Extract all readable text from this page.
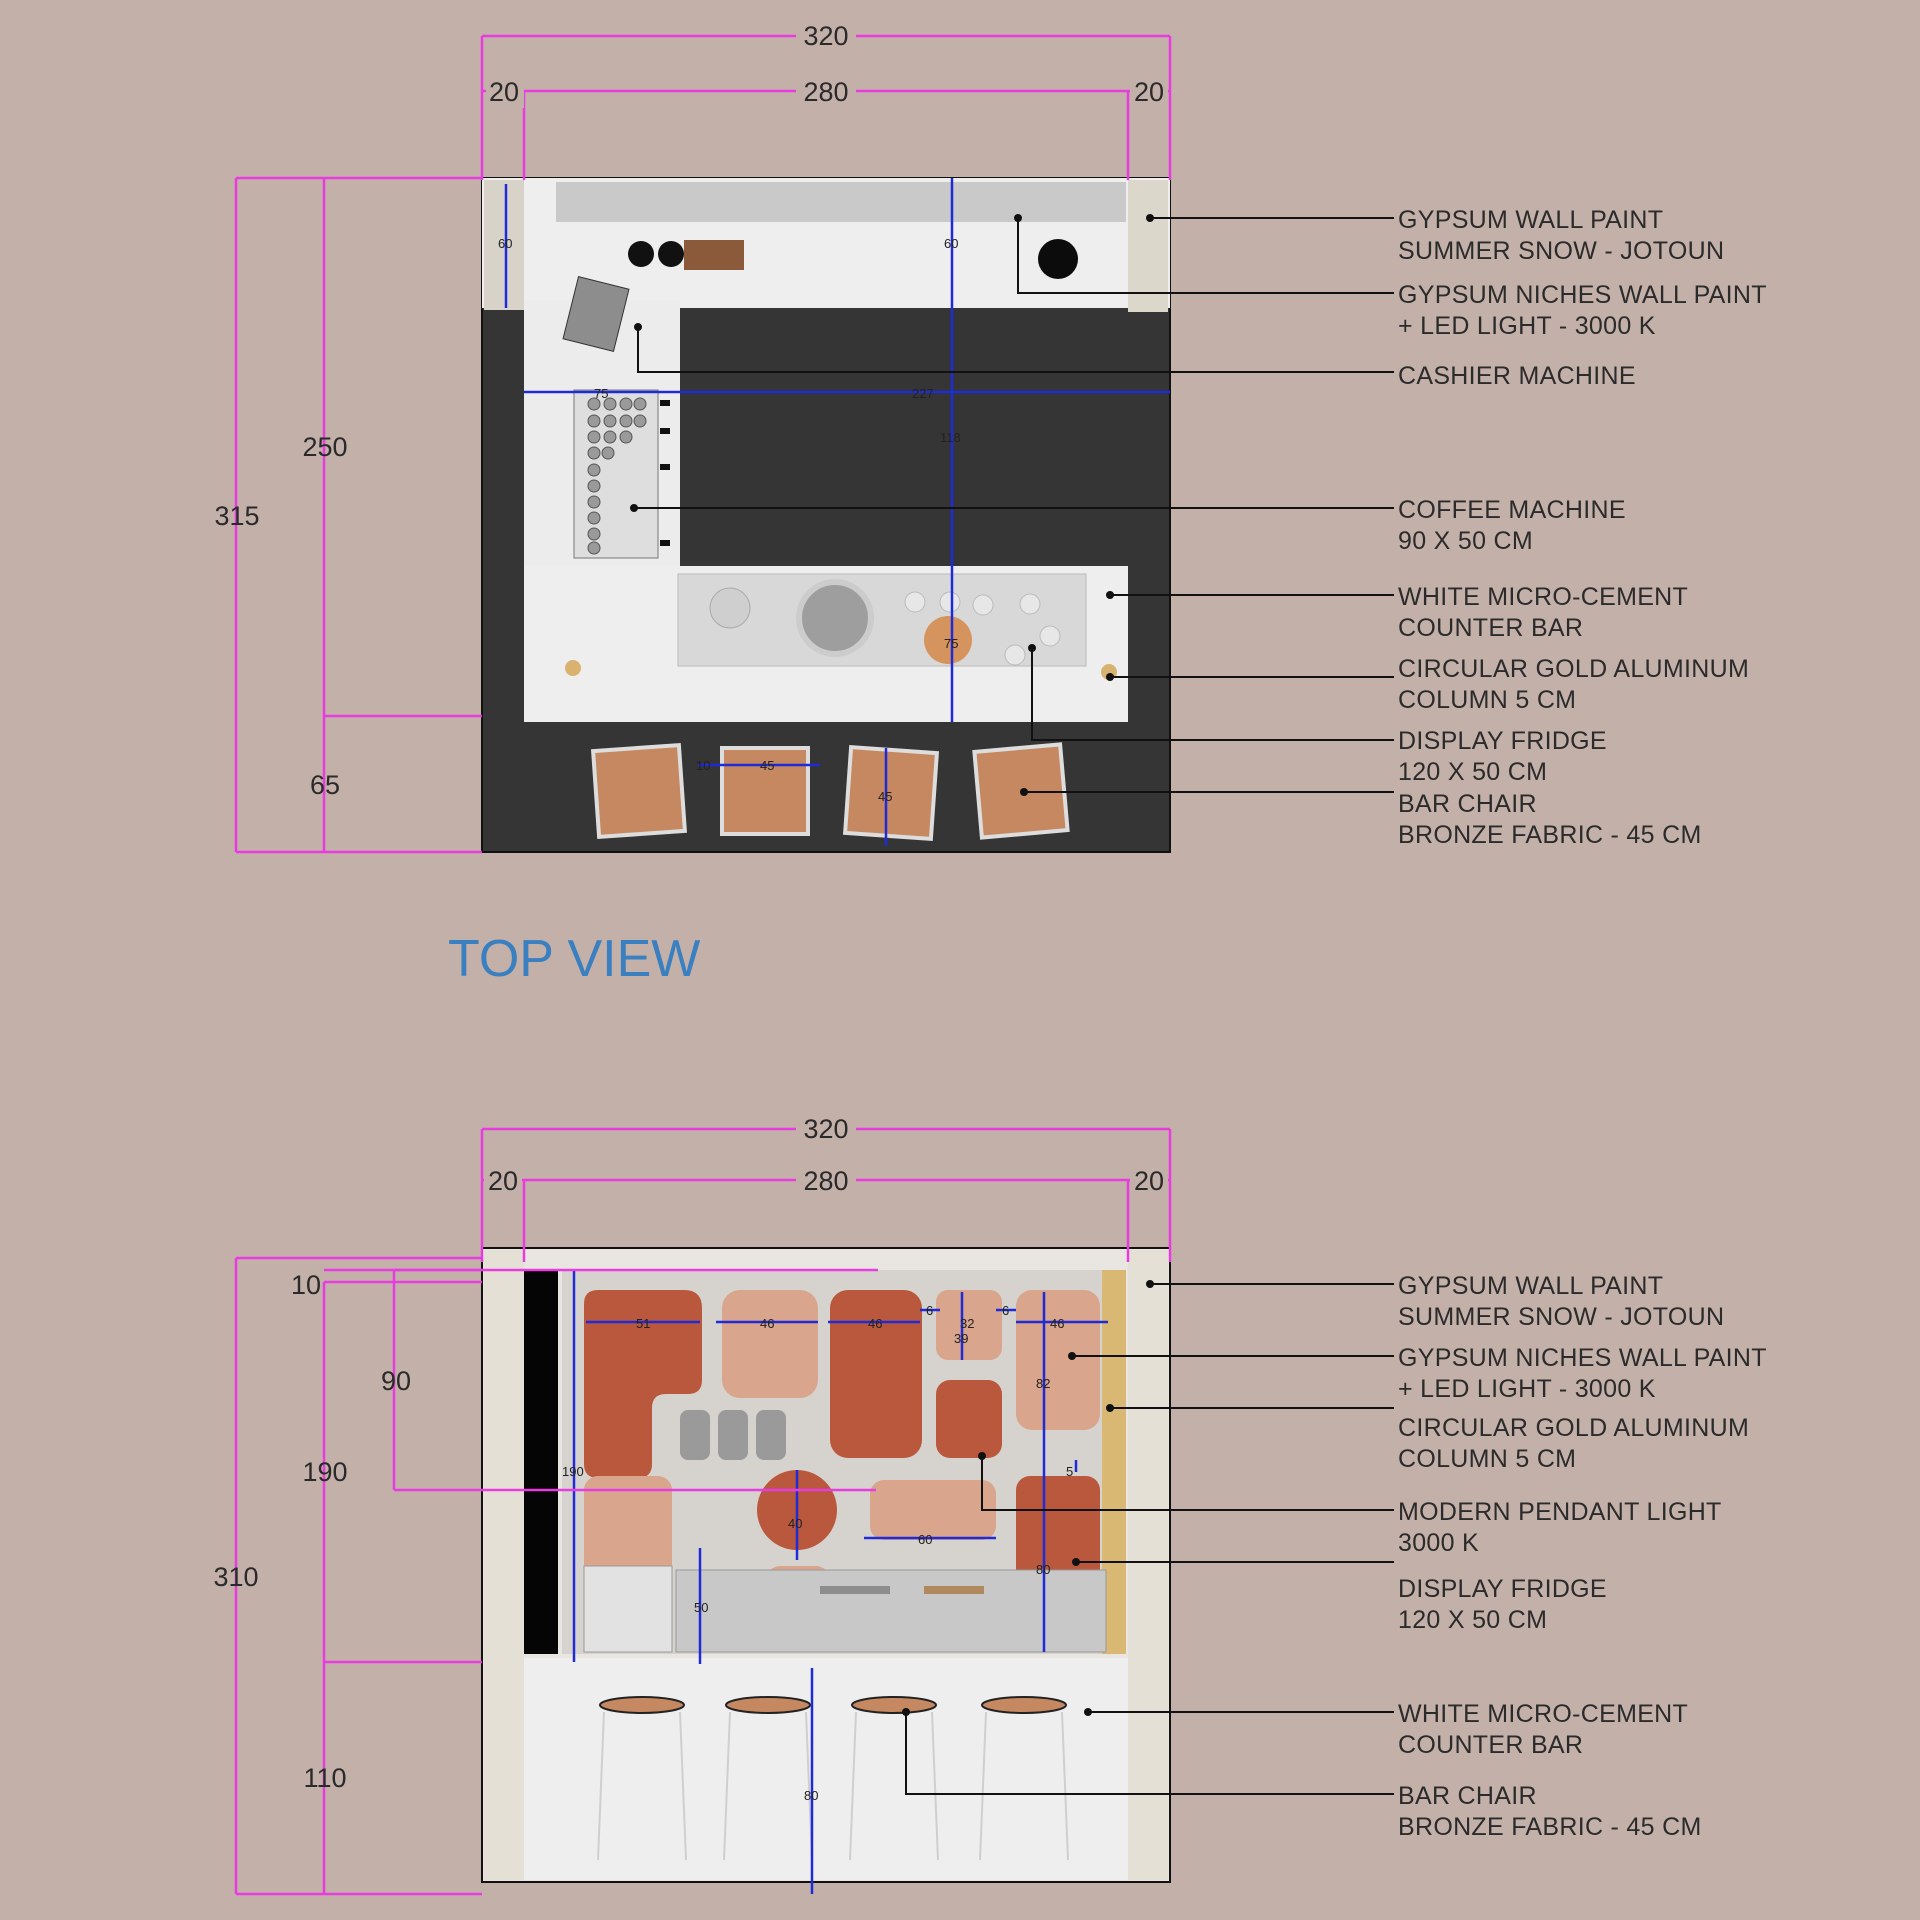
60	60
75	227
118
75
10	45
45
320
280
20	20
315
250
65
GYPSUM WALL PAINT
SUMMER SNOW - JOTOUN
GYPSUM NICHES WALL PAINT
+ LED LIGHT - 3000 K
CASHIER MACHINE
COFFEE MACHINE
90 X 50 CM
WHITE MICRO-CEMENT
COUNTER BAR
CIRCULAR GOLD ALUMINUM
COLUMN 5 CM
DISPLAY FRIDGE
120 X 50 CM
BAR CHAIR
BRONZE FABRIC - 45 CM
TOP VIEW
51	46	46
6
32
39
6
46
82
190
40
60
5
80
50
80
320
280
20	20
10
90
190
310
110
GYPSUM WALL PAINT
SUMMER SNOW - JOTOUN
GYPSUM NICHES WALL PAINT
+ LED LIGHT - 3000 K
CIRCULAR GOLD ALUMINUM
COLUMN 5 CM
MODERN PENDANT LIGHT
3000 K
DISPLAY FRIDGE
120 X 50 CM
WHITE MICRO-CEMENT
COUNTER BAR
BAR CHAIR
BRONZE FABRIC - 45 CM
